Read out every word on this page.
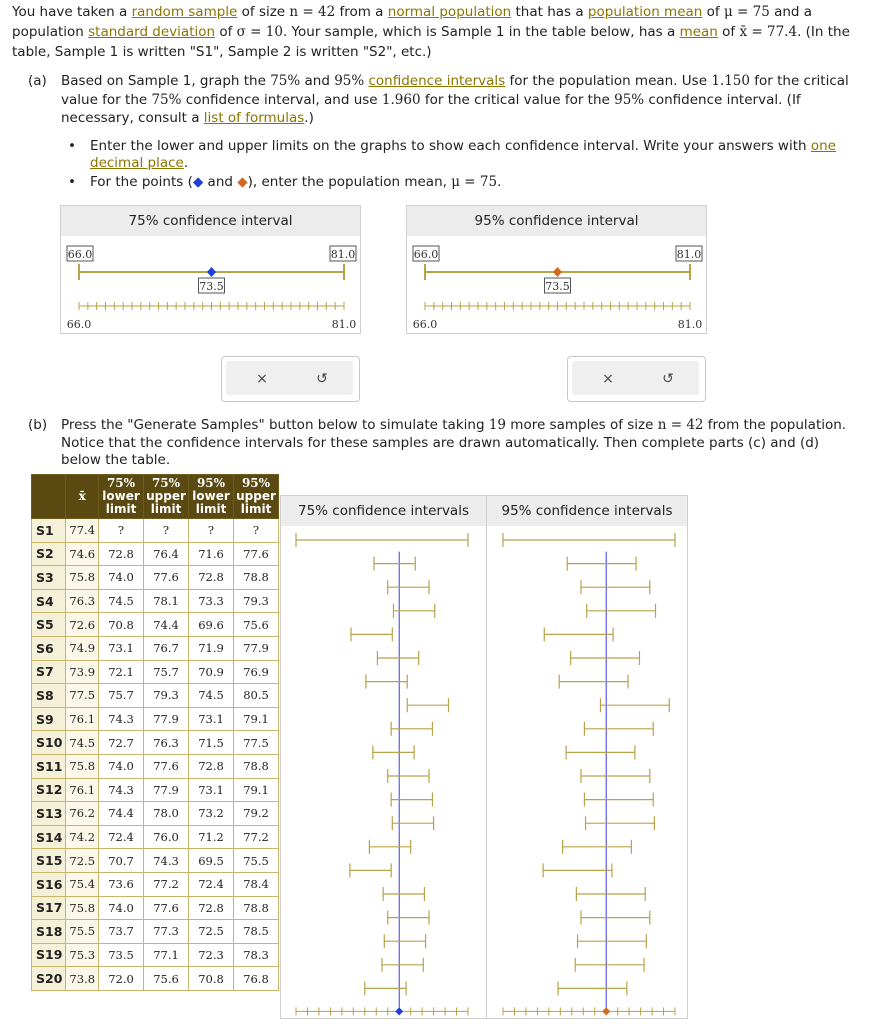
You have taken a random sample of size n = 42 from a normal population that has a population mean of μ = 75 and a population standard deviation of σ = 10. Your sample, which is Sample 1 in the table below, has a mean of x̄ = 77.4. (In the table, Sample 1 is written "S1", Sample 2 is written "S2", etc.)
(a) Based on Sample 1, graph the 75% and 95% confidence intervals for the population mean. Use 1.150 for the critical value for the 75% confidence interval, and use 1.960 for the critical value for the 95% confidence interval. (If necessary, consult a list of formulas.)
• Enter the lower and upper limits on the graphs to show each confidence interval. Write your answers with one decimal place.
• For the points (◆ and ◆), enter the population mean, μ = 75.
75% confidence interval
66.0	81.0
73.5
66.0	81.0
95% confidence interval
66.0	81.0
73.5
66.0	81.0
×	↺	×	↺
(b) Press the "Generate Samples" button below to simulate taking 19 more samples of size n = 42 from the population. Notice that the confidence intervals for these samples are drawn automatically. Then complete parts (c) and (d) below the table.
	x̄	75%
lower
limit	75%
upper
limit	95%
lower
limit	95%
upper
limit
S1	77.4	?	?	?	?
S2	74.6	72.8	76.4	71.6	77.6
S3	75.8	74.0	77.6	72.8	78.8
S4	76.3	74.5	78.1	73.3	79.3
S5	72.6	70.8	74.4	69.6	75.6
S6	74.9	73.1	76.7	71.9	77.9
S7	73.9	72.1	75.7	70.9	76.9
S8	77.5	75.7	79.3	74.5	80.5
S9	76.1	74.3	77.9	73.1	79.1
S10	74.5	72.7	76.3	71.5	77.5
S11	75.8	74.0	77.6	72.8	78.8
S12	76.1	74.3	77.9	73.1	79.1
S13	76.2	74.4	78.0	73.2	79.2
S14	74.2	72.4	76.0	71.2	77.2
S15	72.5	70.7	74.3	69.5	75.5
S16	75.4	73.6	77.2	72.4	78.4
S17	75.8	74.0	77.6	72.8	78.8
S18	75.5	73.7	77.3	72.5	78.5
S19	75.3	73.5	77.1	72.3	78.3
S20	73.8	72.0	75.6	70.8	76.8
75% confidence intervals	95% confidence intervals
